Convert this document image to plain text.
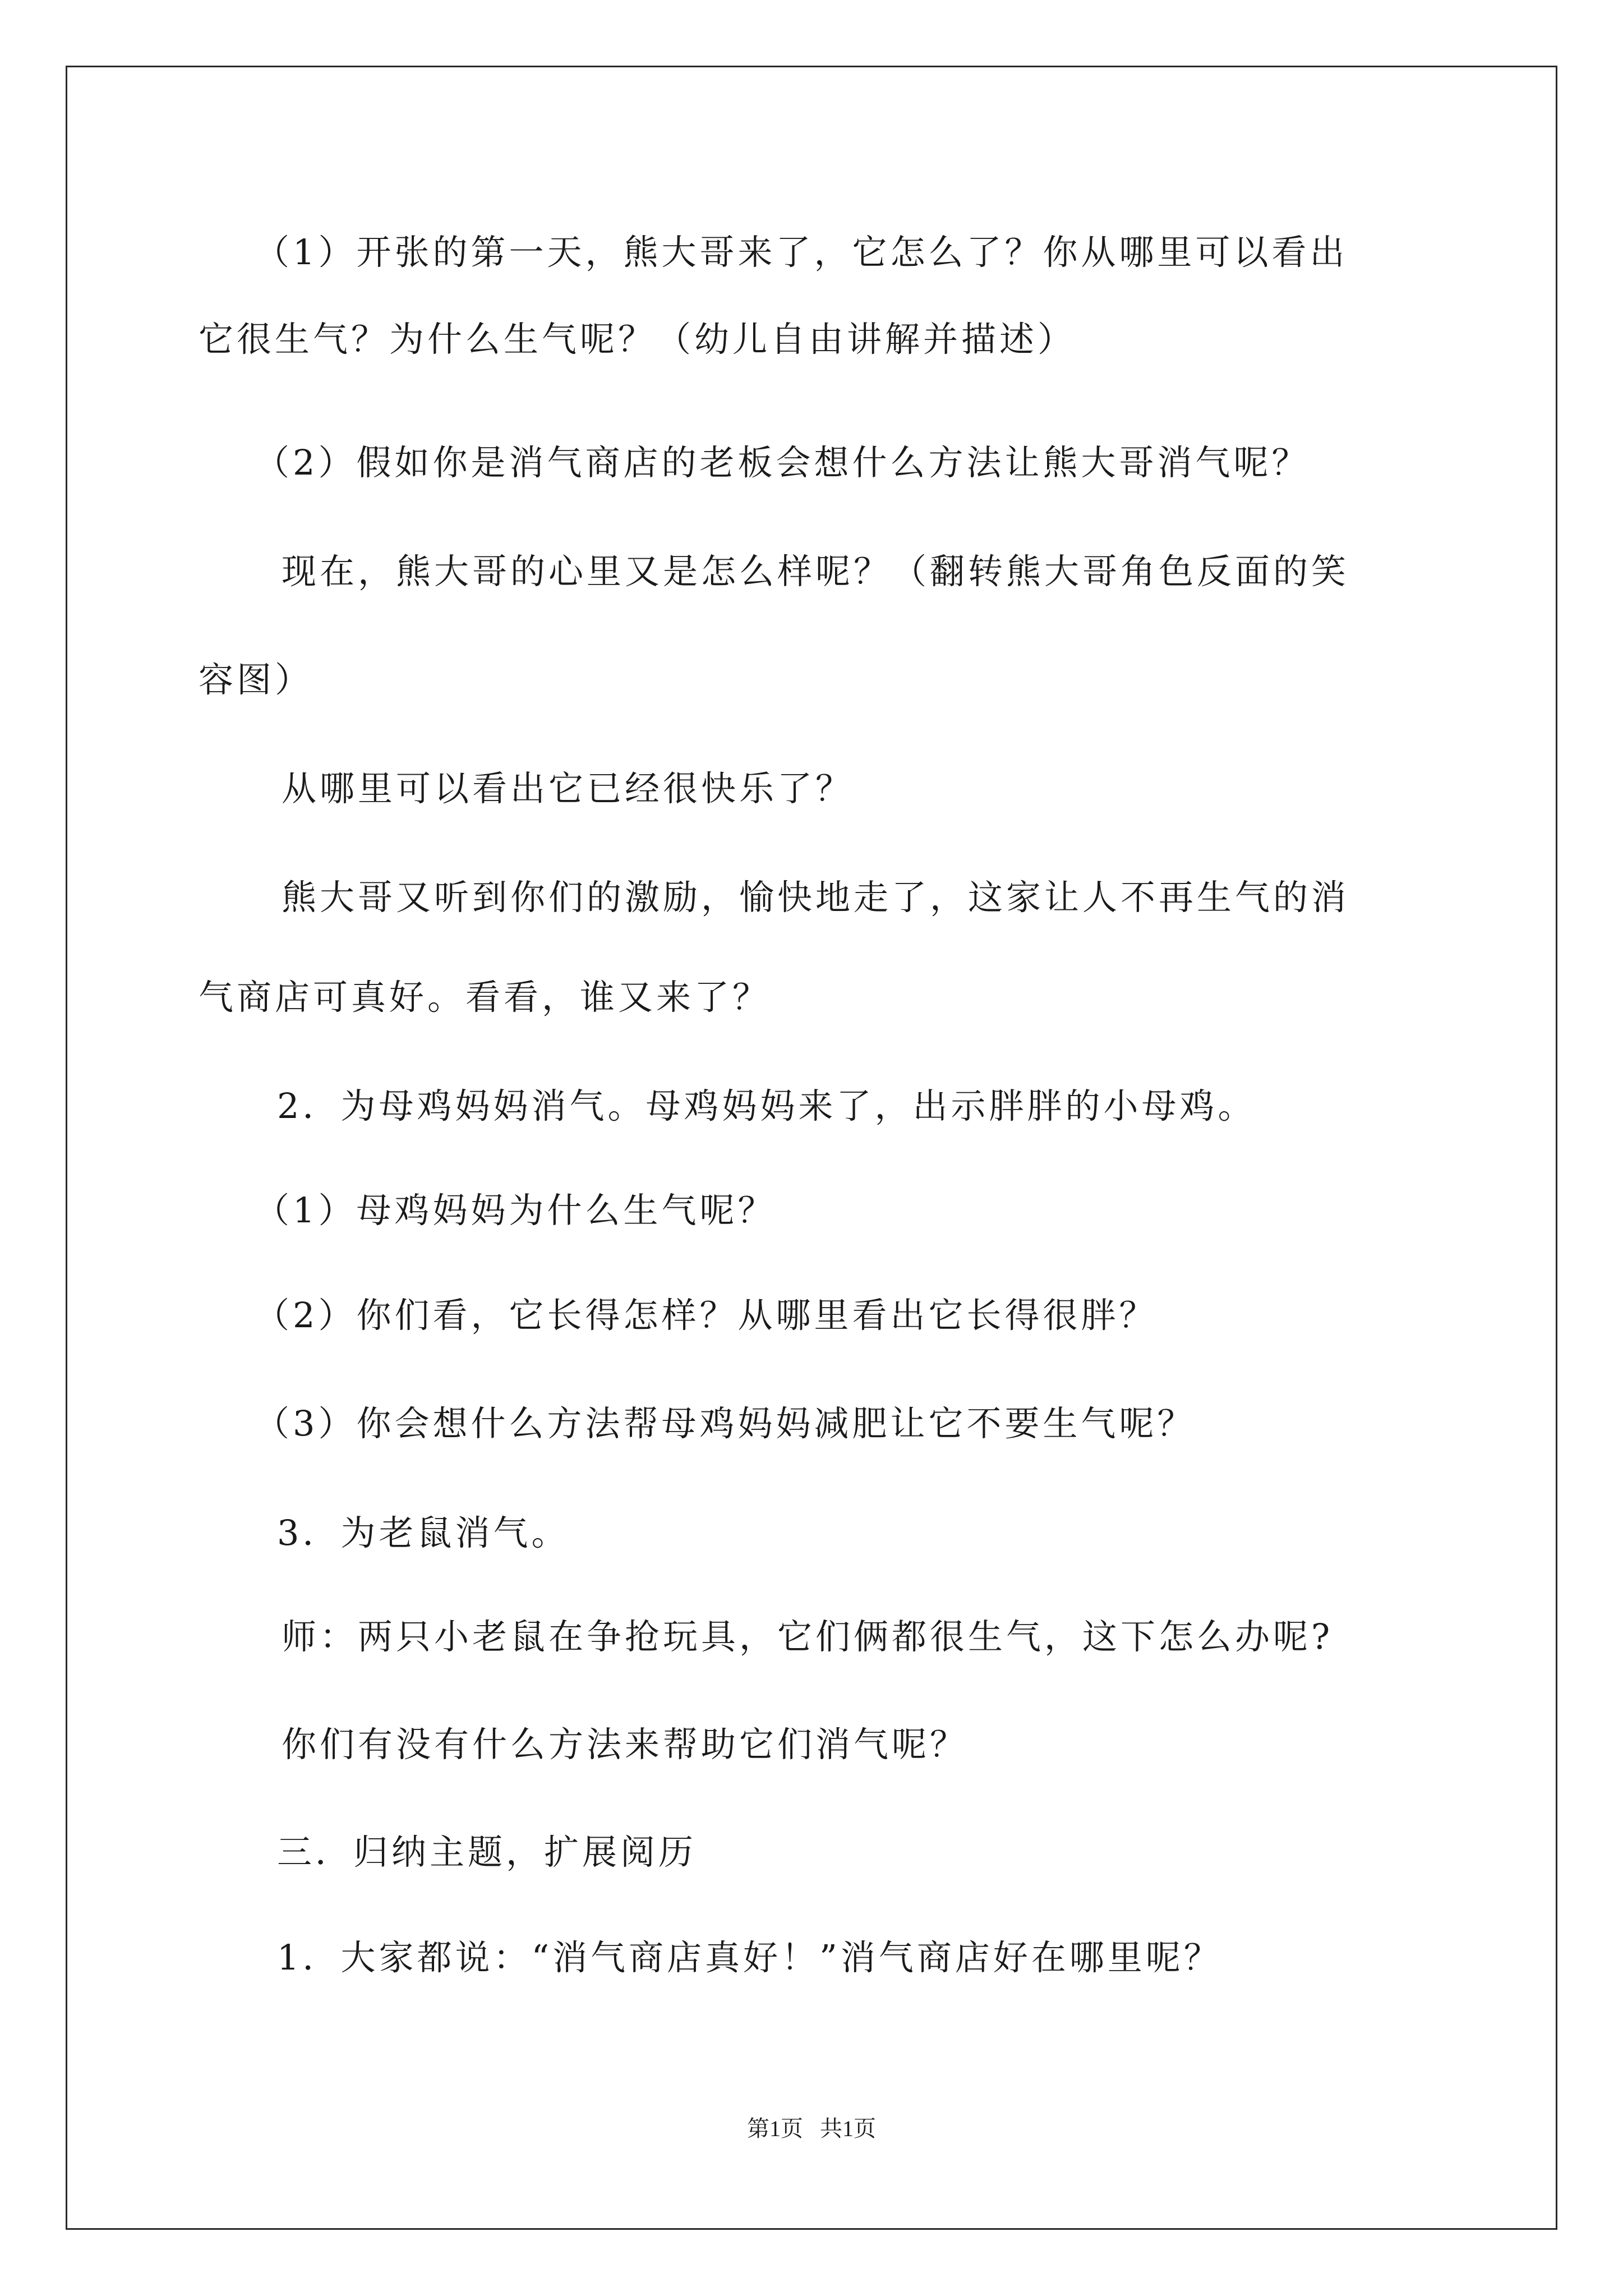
（1）开张的第一天，熊大哥来了，它怎么了？你从哪里可以看出
它很生气？为什么生气呢？（幼儿自由讲解并描述）
（2）假如你是消气商店的老板会想什么方法让熊大哥消气呢？
现在，熊大哥的心里又是怎么样呢？（翻转熊大哥角色反面的笑
容图）
从哪里可以看出它已经很快乐了？
熊大哥又听到你们的激励，愉快地走了，这家让人不再生气的消
气商店可真好。看看，谁又来了？
2．为母鸡妈妈消气。母鸡妈妈来了，出示胖胖的小母鸡。
（1）母鸡妈妈为什么生气呢？
（2）你们看，它长得怎样？从哪里看出它长得很胖？
（3）你会想什么方法帮母鸡妈妈减肥让它不要生气呢？
3．为老鼠消气。
师：两只小老鼠在争抢玩具，它们俩都很生气，这下怎么办呢?
你们有没有什么方法来帮助它们消气呢？
三．归纳主题，扩展阅历
1．大家都说：“消气商店真好！”消气商店好在哪里呢？
第1页 共1页
